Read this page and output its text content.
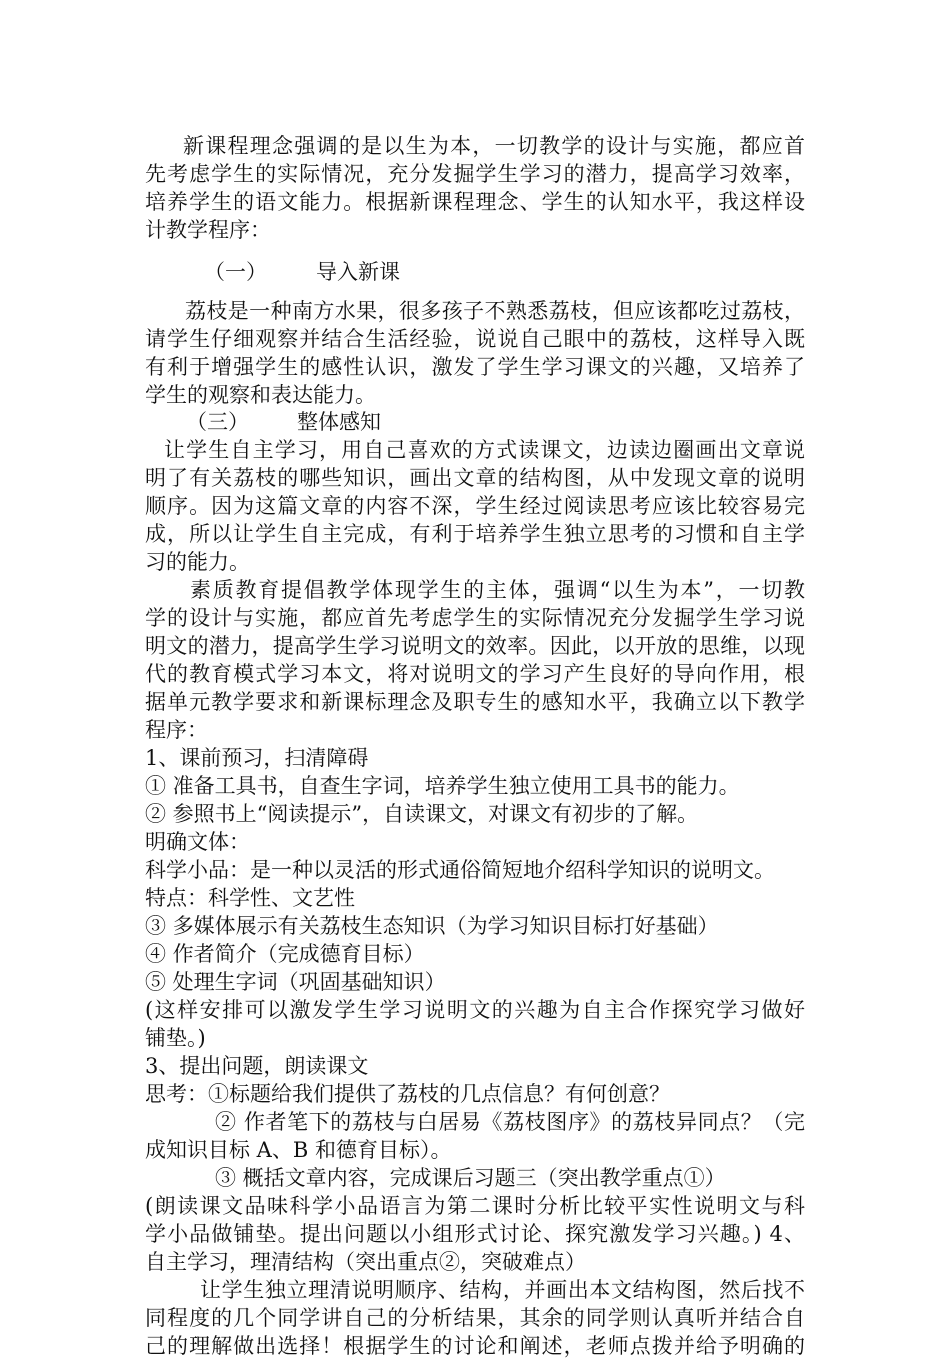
新课程理念强调的是以生为本，一切教学的设计与实施，都应首
先考虑学生的实际情况，充分发掘学生学习的潜力，提高学习效率，
培养学生的语文能力。根据新课程理念、学生的认知水平，我这样设
计教学程序：
（一） 导入新课
荔枝是一种南方水果，很多孩子不熟悉荔枝，但应该都吃过荔枝，
请学生仔细观察并结合生活经验，说说自己眼中的荔枝，这样导入既
有利于增强学生的感性认识，激发了学生学习课文的兴趣，又培养了
学生的观察和表达能力。
（三） 整体感知
让学生自主学习，用自己喜欢的方式读课文，边读边圈画出文章说
明了有关荔枝的哪些知识，画出文章的结构图，从中发现文章的说明
顺序。因为这篇文章的内容不深，学生经过阅读思考应该比较容易完
成，所以让学生自主完成，有利于培养学生独立思考的习惯和自主学
习的能力。
素质教育提倡教学体现学生的主体，强调“以生为本”，一切教
学的设计与实施，都应首先考虑学生的实际情况充分发掘学生学习说
明文的潜力，提高学生学习说明文的效率。因此，以开放的思维，以现
代的教育模式学习本文，将对说明文的学习产生良好的导向作用，根
据单元教学要求和新课标理念及职专生的感知水平，我确立以下教学
程序：
1、课前预习，扫清障碍
① 准备工具书，自查生字词，培养学生独立使用工具书的能力。
② 参照书上“阅读提示”，自读课文，对课文有初步的了解。
明确文体：
科学小品：是一种以灵活的形式通俗简短地介绍科学知识的说明文。
特点：科学性、文艺性
③ 多媒体展示有关荔枝生态知识（为学习知识目标打好基础）
④ 作者简介（完成德育目标）
⑤ 处理生字词（巩固基础知识）
(这样安排可以激发学生学习说明文的兴趣为自主合作探究学习做好
铺垫。)
3、提出问题，朗读课文
思考：①标题给我们提供了荔枝的几点信息？有何创意？
② 作者笔下的荔枝与白居易《荔枝图序》的荔枝异同点？（完
成知识目标 A、B 和德育目标）。
③ 概括文章内容，完成课后习题三（突出教学重点①）
(朗读课文品味科学小品语言为第二课时分析比较平实性说明文与科
学小品做铺垫。提出问题以小组形式讨论、探究激发学习兴趣。) 4、
自主学习，理清结构（突出重点②，突破难点）
让学生独立理清说明顺序、结构，并画出本文结构图，然后找不
同程度的几个同学讲自己的分析结果，其余的同学则认真听并结合自
己的理解做出选择！根据学生的讨论和阐述，老师点拨并给予明确的
